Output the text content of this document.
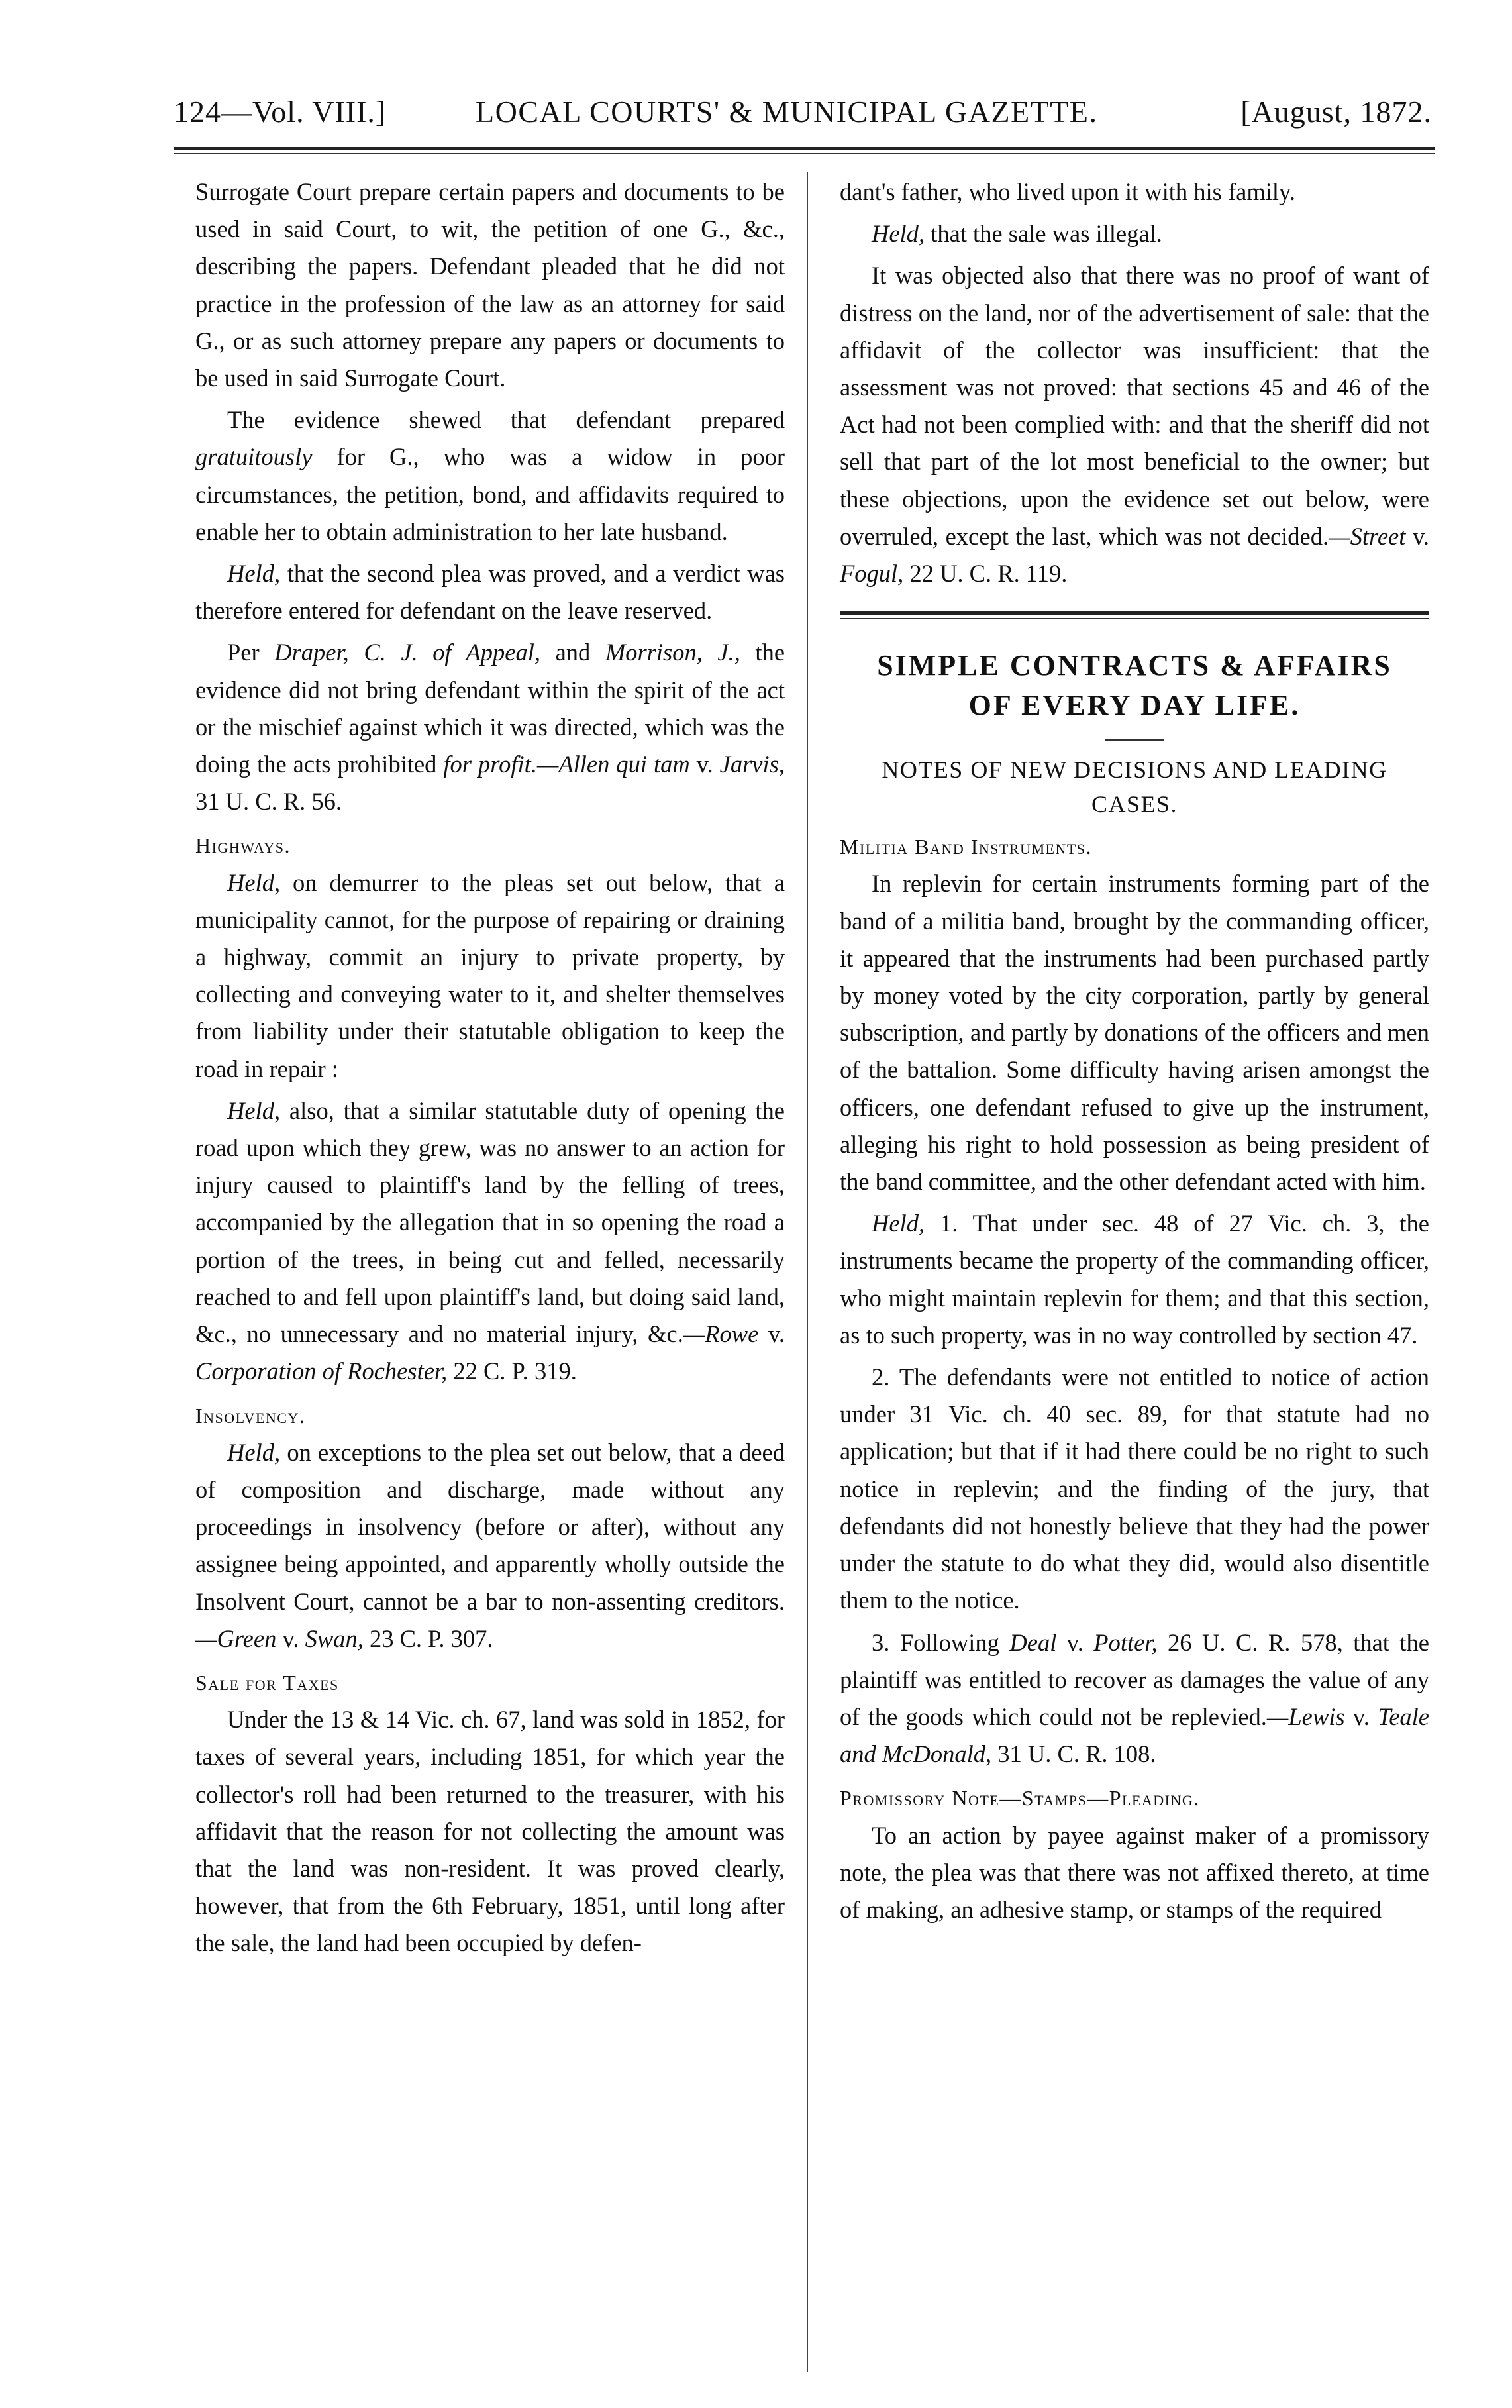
124—Vol. VIII.]	LOCAL COURTS' & MUNICIPAL GAZETTE.	[August, 1872.

Surrogate Court prepare certain papers and documents to be used in said Court, to wit, the petition of one G., &c., describing the papers. Defendant pleaded that he did not practice in the profession of the law as an attorney for said G., or as such attorney prepare any papers or documents to be used in said Surrogate Court.

The evidence shewed that defendant prepared gratuitously for G., who was a widow in poor circumstances, the petition, bond, and affidavits required to enable her to obtain administration to her late husband.

Held, that the second plea was proved, and a verdict was therefore entered for defendant on the leave reserved.

Per Draper, C. J. of Appeal, and Morrison, J., the evidence did not bring defendant within the spirit of the act or the mischief against which it was directed, which was the doing the acts prohibited for profit.—Allen qui tam v. Jarvis, 31 U. C. R. 56.

Highways.

Held, on demurrer to the pleas set out below, that a municipality cannot, for the purpose of repairing or draining a highway, commit an injury to private property, by collecting and conveying water to it, and shelter themselves from liability under their statutable obligation to keep the road in repair :

Held, also, that a similar statutable duty of opening the road upon which they grew, was no answer to an action for injury caused to plaintiff's land by the felling of trees, accompanied by the allegation that in so opening the road a portion of the trees, in being cut and felled, necessarily reached to and fell upon plaintiff's land, but doing said land, &c., no unnecessary and no material injury, &c.—Rowe v. Corporation of Rochester, 22 C. P. 319.

Insolvency.

Held, on exceptions to the plea set out below, that a deed of composition and discharge, made without any proceedings in insolvency (before or after), without any assignee being appointed, and apparently wholly outside the Insolvent Court, cannot be a bar to non-assenting creditors.—Green v. Swan, 23 C. P. 307.

Sale for Taxes

Under the 13 & 14 Vic. ch. 67, land was sold in 1852, for taxes of several years, including 1851, for which year the collector's roll had been returned to the treasurer, with his affidavit that the reason for not collecting the amount was that the land was non-resident. It was proved clearly, however, that from the 6th February, 1851, until long after the sale, the land had been occupied by defen-

dant's father, who lived upon it with his family.

Held, that the sale was illegal.

It was objected also that there was no proof of want of distress on the land, nor of the advertisement of sale: that the affidavit of the collector was insufficient: that the assessment was not proved: that sections 45 and 46 of the Act had not been complied with: and that the sheriff did not sell that part of the lot most beneficial to the owner; but these objections, upon the evidence set out below, were overruled, except the last, which was not decided.—Street v. Fogul, 22 U. C. R. 119.

SIMPLE CONTRACTS & AFFAIRS
OF EVERY DAY LIFE.
NOTES OF NEW DECISIONS AND LEADING
CASES.

Militia Band Instruments.

In replevin for certain instruments forming part of the band of a militia band, brought by the commanding officer, it appeared that the instruments had been purchased partly by money voted by the city corporation, partly by general subscription, and partly by donations of the officers and men of the battalion. Some difficulty having arisen amongst the officers, one defendant refused to give up the instrument, alleging his right to hold possession as being president of the band committee, and the other defendant acted with him.

Held, 1. That under sec. 48 of 27 Vic. ch. 3, the instruments became the property of the commanding officer, who might maintain replevin for them; and that this section, as to such property, was in no way controlled by section 47.

2. The defendants were not entitled to notice of action under 31 Vic. ch. 40 sec. 89, for that statute had no application; but that if it had there could be no right to such notice in replevin; and the finding of the jury, that defendants did not honestly believe that they had the power under the statute to do what they did, would also disentitle them to the notice.

3. Following Deal v. Potter, 26 U. C. R. 578, that the plaintiff was entitled to recover as damages the value of any of the goods which could not be replevied.—Lewis v. Teale and McDonald, 31 U. C. R. 108.

Promissory Note—Stamps—Pleading.

To an action by payee against maker of a promissory note, the plea was that there was not affixed thereto, at time of making, an adhesive stamp, or stamps of the required
